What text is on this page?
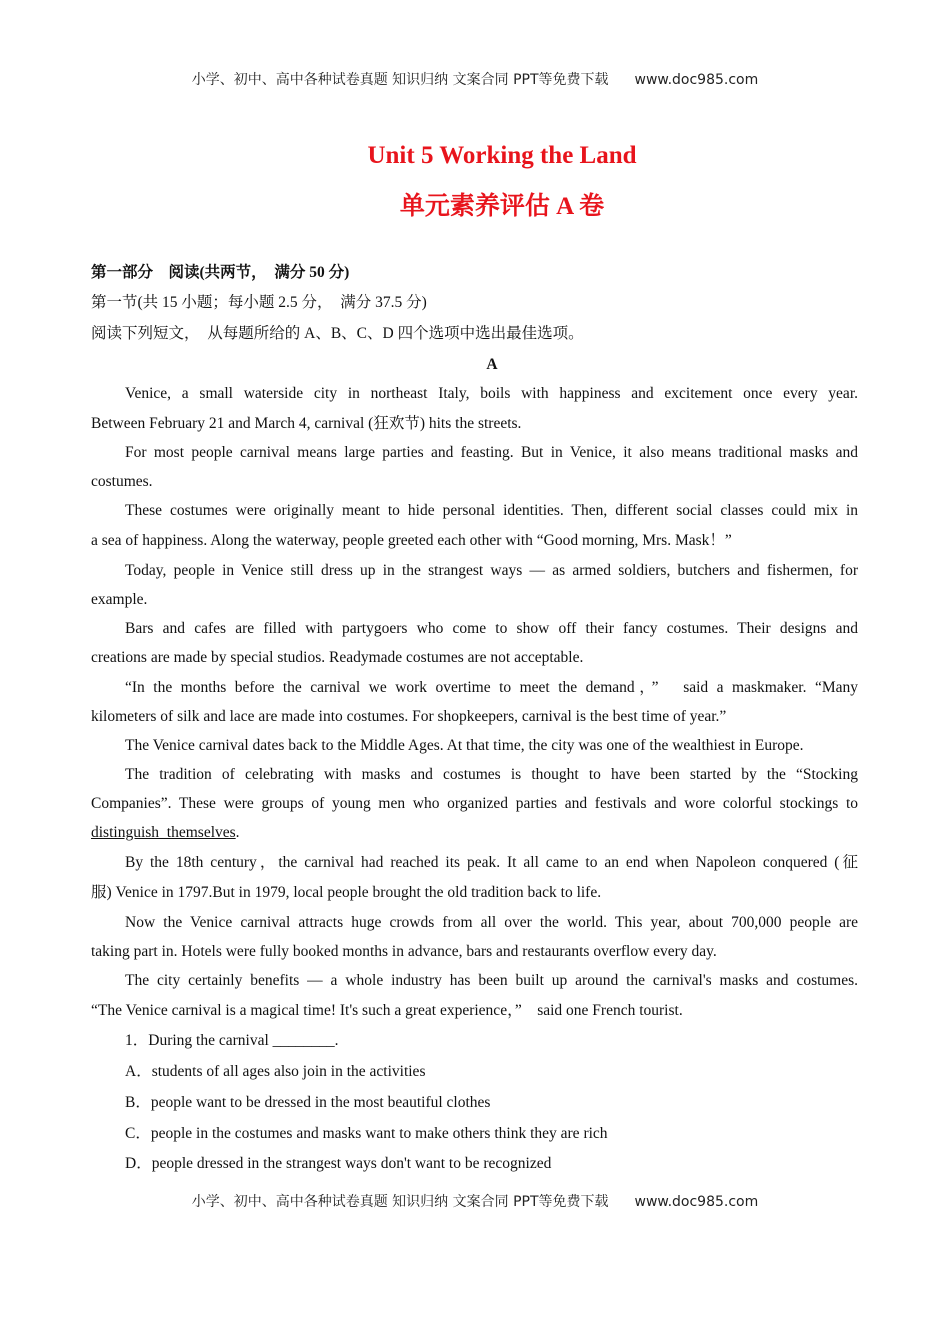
小学、初中、高中各种试卷真题 知识归纳 文案合同 PPT等免费下载 www.doc985.com
Unit 5 Working the Land
单元素养评估 A 卷
第一部分　阅读(共两节，　满分 50 分)
第一节(共 15 小题；每小题 2.5 分，　满分 37.5 分)
阅读下列短文，　从每题所给的 A、B、C、D 四个选项中选出最佳选项。
A
Venice, a small waterside city in northeast Italy, boils with happiness and excitement once every year.
Between February 21 and March 4, carnival (狂欢节) hits the streets.
For most people carnival means large parties and feasting. But in Venice, it also means traditional masks and
costumes.
These costumes were originally meant to hide personal identities. Then, different social classes could mix in
a sea of happiness. Along the waterway, people greeted each other with “Good morning, Mrs. Mask！”
Today, people in Venice still dress up in the strangest ways — as armed soldiers, butchers and fishermen, for
example.
Bars and cafes are filled with partygoers who come to show off their fancy costumes. Their designs and
creations are made by special studios. Readymade costumes are not acceptable.
“In the months before the carnival we work overtime to meet the demand，”　said a maskmaker. “Many
kilometers of silk and lace are made into costumes. For shopkeepers, carnival is the best time of year.”
The Venice carnival dates back to the Middle Ages. At that time, the city was one of the wealthiest in Europe.
The tradition of celebrating with masks and costumes is thought to have been started by the “Stocking
Companies”. These were groups of young men who organized parties and festivals and wore colorful stockings to
distinguish_themselves.
By the 18th century，the carnival had reached its peak. It all came to an end when Napoleon conquered (征
服) Venice in 1797.But in 1979, local people brought the old tradition back to life.
Now the Venice carnival attracts huge crowds from all over the world. This year, about 700,000 people are
taking part in. Hotels were fully booked months in advance, bars and restaurants overflow every day.
The city certainly benefits — a whole industry has been built up around the carnival's masks and costumes.
“The Venice carnival is a magical time! It's such a great experience，”　said one French tourist.
1．During the carnival ________.
A．students of all ages also join in the activities
B．people want to be dressed in the most beautiful clothes
C．people in the costumes and masks want to make others think they are rich
D．people dressed in the strangest ways don't want to be recognized
小学、初中、高中各种试卷真题 知识归纳 文案合同 PPT等免费下载 www.doc985.com
